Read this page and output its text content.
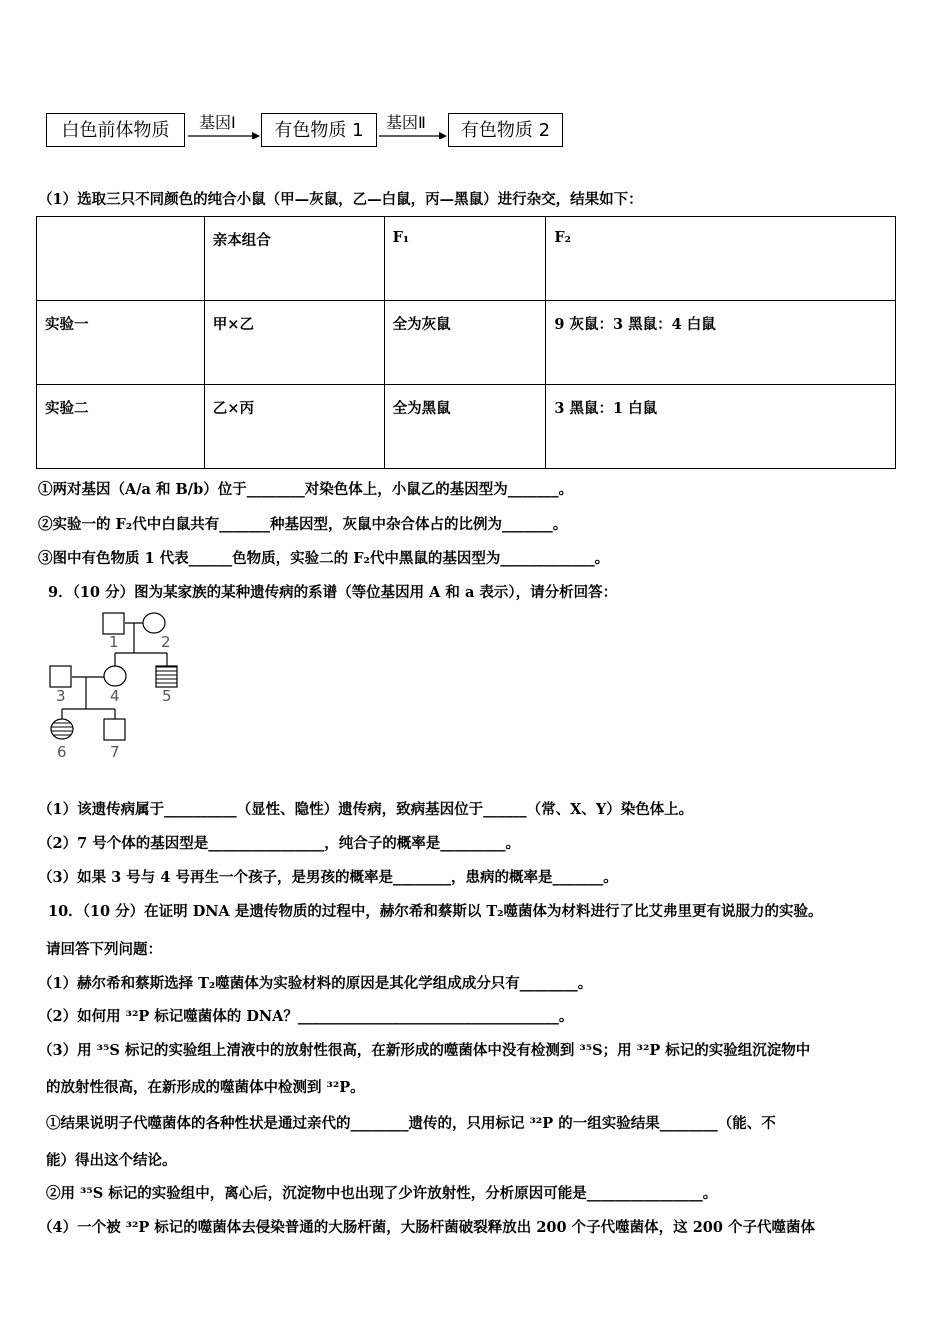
白色前体物质	基因Ⅰ	有色物质 1	基因Ⅱ	有色物质 2
（1）选取三只不同颜色的纯合小鼠（甲—灰鼠，乙—白鼠，丙—黑鼠）进行杂交，结果如下：
	亲本组合	F₁	F₂
实验一	甲×乙	全为灰鼠	9 灰鼠：3 黑鼠：4 白鼠
实验二	乙×丙	全为黑鼠	3 黑鼠：1 白鼠
①两对基因（A/a 和 B/b）位于________对染色体上，小鼠乙的基因型为_______。
②实验一的 F₂代中白鼠共有_______种基因型，灰鼠中杂合体占的比例为_______。
③图中有色物质 1 代表______色物质，实验二的 F₂代中黑鼠的基因型为_____________。
9．（10 分）图为某家族的某种遗传病的系谱（等位基因用 A 和 a 表示），请分析回答：
1	2
3	4	5
6	7
（1）该遗传病属于__________（显性、隐性）遗传病，致病基因位于______（常、X、Y）染色体上。
（2）7 号个体的基因型是________________，纯合子的概率是_________。
（3）如果 3 号与 4 号再生一个孩子，是男孩的概率是________，患病的概率是_______。
10．（10 分）在证明 DNA 是遗传物质的过程中，赫尔希和蔡斯以 T₂噬菌体为材料进行了比艾弗里更有说服力的实验。
请回答下列问题：
（1）赫尔希和蔡斯选择 T₂噬菌体为实验材料的原因是其化学组成成分只有________。
（2）如何用 ³²P 标记噬菌体的 DNA？____________________________________。
（3）用 ³⁵S 标记的实验组上清液中的放射性很高，在新形成的噬菌体中没有检测到 ³⁵S；用 ³²P 标记的实验组沉淀物中
的放射性很高，在新形成的噬菌体中检测到 ³²P。
①结果说明子代噬菌体的各种性状是通过亲代的________遗传的，只用标记 ³²P 的一组实验结果________（能、不
能）得出这个结论。
②用 ³⁵S 标记的实验组中，离心后，沉淀物中也出现了少许放射性，分析原因可能是________________。
（4）一个被 ³²P 标记的噬菌体去侵染普通的大肠杆菌，大肠杆菌破裂释放出 200 个子代噬菌体，这 200 个子代噬菌体
